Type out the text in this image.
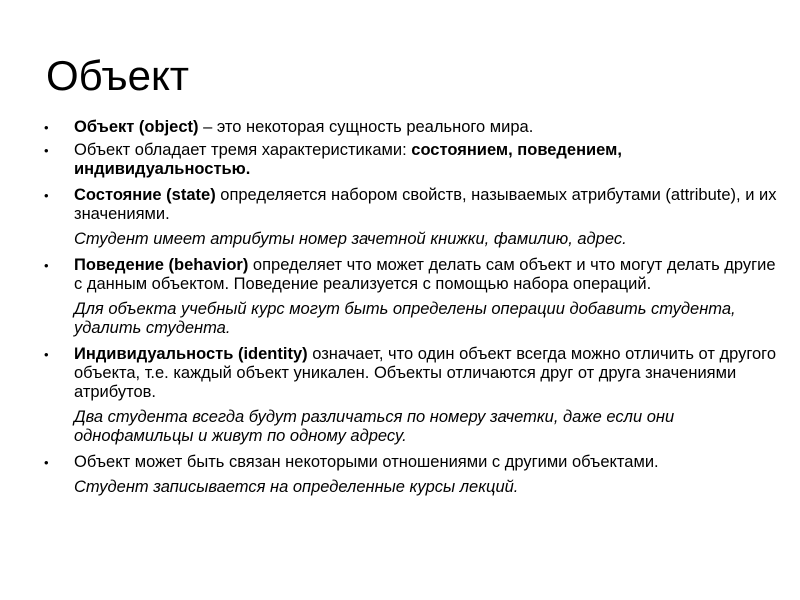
Объект
• Объект (object) – это некоторая сущность реального мира.
• Объект обладает тремя характеристиками: состоянием, поведением, индивидуальностью.
• Состояние (state) определяется набором свойств, называемых атрибутами (attribute), и их значениями.
Студент имеет атрибуты номер зачетной книжки, фамилию, адрес.
• Поведение (behavior) определяет что может делать сам объект и что могут делать другие с данным объектом. Поведение реализуется с помощью набора операций.
Для объекта учебный курс могут быть определены операции добавить студента, удалить студента.
• Индивидуальность (identity) означает, что один объект всегда можно отличить от другого объекта, т.е. каждый объект уникален. Объекты отличаются друг от друга значениями атрибутов.
Два студента всегда будут различаться по номеру зачетки, даже если они однофамильцы и живут по одному адресу.
• Объект может быть связан некоторыми отношениями с другими объектами.
Студент записывается на определенные курсы лекций.
